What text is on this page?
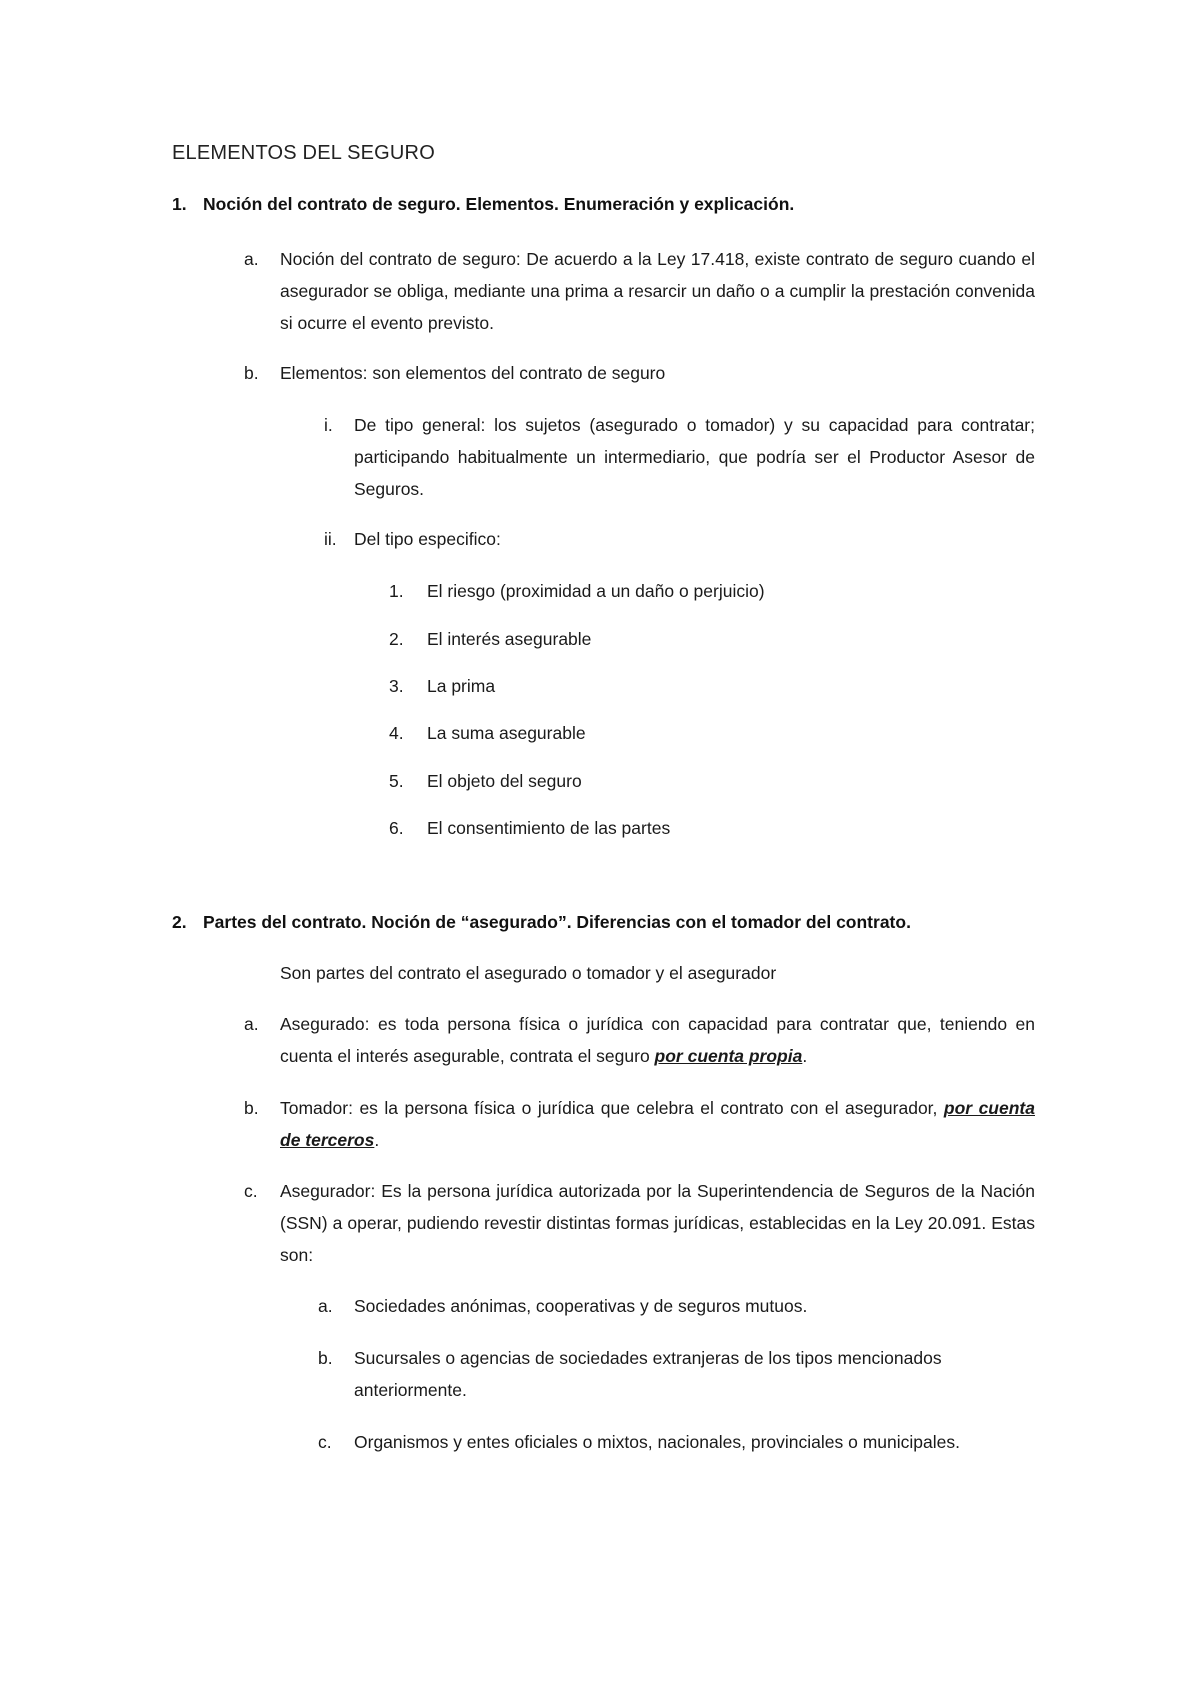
ELEMENTOS DEL SEGURO
1. Noción del contrato de seguro. Elementos. Enumeración y explicación.
a. Noción del contrato de seguro: De acuerdo a la Ley 17.418, existe contrato de seguro cuando el asegurador se obliga, mediante una prima a resarcir un daño o a cumplir la prestación convenida si ocurre el evento previsto.
b. Elementos: son elementos del contrato de seguro
i. De tipo general: los sujetos (asegurado o tomador) y su capacidad para contratar; participando habitualmente un intermediario, que podría ser el Productor Asesor de Seguros.
ii. Del tipo especifico:
1. El riesgo (proximidad a un daño o perjuicio)
2. El interés asegurable
3. La prima
4. La suma asegurable
5. El objeto del seguro
6. El consentimiento de las partes
2. Partes del contrato. Noción de “asegurado”. Diferencias con el tomador del contrato.
Son partes del contrato el asegurado o tomador y el asegurador
a. Asegurado: es toda persona física o jurídica con capacidad para contratar que, teniendo en cuenta el interés asegurable, contrata el seguro por cuenta propia.
b. Tomador: es la persona física o jurídica que celebra el contrato con el asegurador, por cuenta de terceros.
c. Asegurador: Es la persona jurídica autorizada por la Superintendencia de Seguros de la Nación (SSN) a operar, pudiendo revestir distintas formas jurídicas, establecidas en la Ley 20.091. Estas son:
a. Sociedades anónimas, cooperativas y de seguros mutuos.
b. Sucursales o agencias de sociedades extranjeras de los tipos mencionados anteriormente.
c. Organismos y entes oficiales o mixtos, nacionales, provinciales o municipales.
